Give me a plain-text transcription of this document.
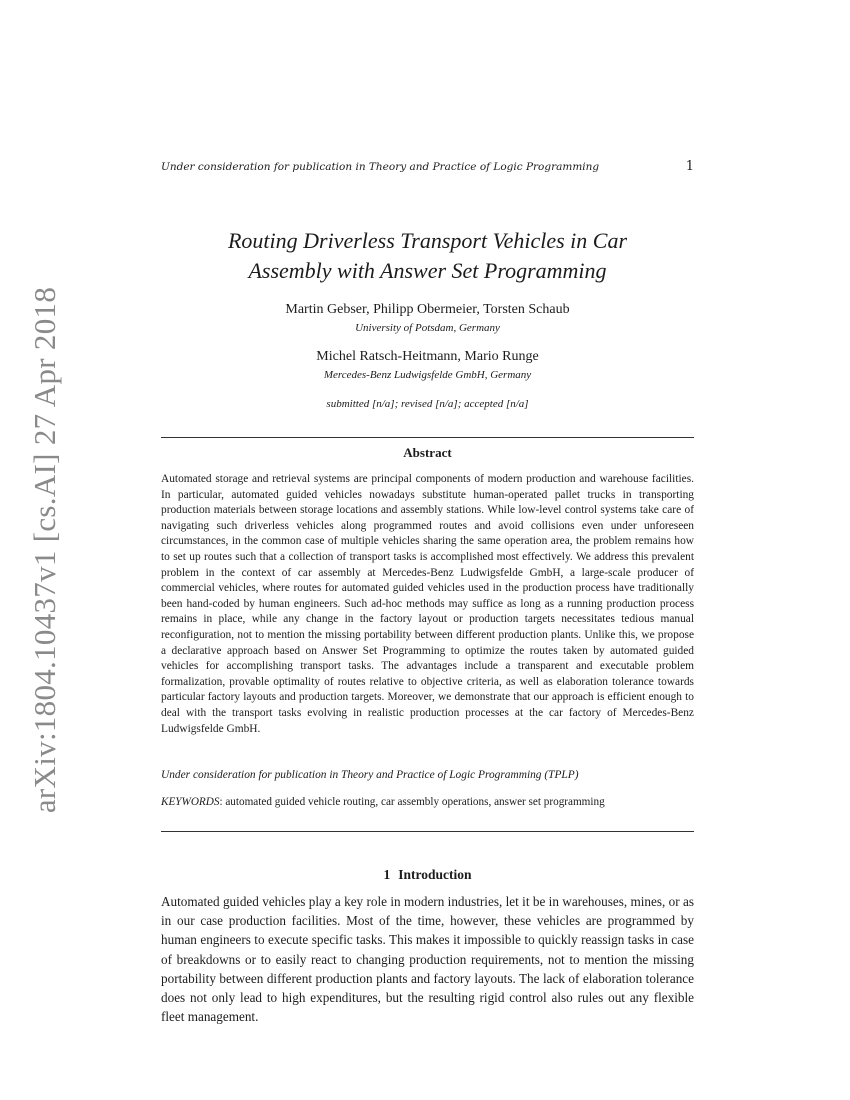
arXiv:1804.10437v1 [cs.AI] 27 Apr 2018
Under consideration for publication in Theory and Practice of Logic Programming	1
Routing Driverless Transport Vehicles in Car
Assembly with Answer Set Programming
Martin Gebser, Philipp Obermeier, Torsten Schaub
University of Potsdam, Germany
Michel Ratsch-Heitmann, Mario Runge
Mercedes-Benz Ludwigsfelde GmbH, Germany
submitted [n/a]; revised [n/a]; accepted [n/a]
Abstract
Automated storage and retrieval systems are principal components of modern production and warehouse facilities. In particular, automated guided vehicles nowadays substitute human-operated pallet trucks in transporting production materials between storage locations and assembly stations. While low-level control systems take care of navigating such driverless vehicles along programmed routes and avoid collisions even under unforeseen circumstances, in the common case of multiple vehicles sharing the same operation area, the problem remains how to set up routes such that a collection of transport tasks is accomplished most effectively. We address this prevalent problem in the context of car assembly at Mercedes-Benz Ludwigsfelde GmbH, a large-scale producer of commercial vehicles, where routes for automated guided vehicles used in the production process have traditionally been hand-coded by human engineers. Such ad-hoc methods may suffice as long as a running production process remains in place, while any change in the factory layout or production targets necessitates tedious manual reconfiguration, not to mention the missing portability between different production plants. Unlike this, we propose a declarative approach based on Answer Set Programming to optimize the routes taken by automated guided vehicles for accomplishing transport tasks. The advantages include a transparent and executable problem formalization, provable optimality of routes relative to objective criteria, as well as elaboration tolerance towards particular factory layouts and production targets. Moreover, we demonstrate that our approach is efficient enough to deal with the transport tasks evolving in realistic production processes at the car factory of Mercedes-Benz Ludwigsfelde GmbH.
Under consideration for publication in Theory and Practice of Logic Programming (TPLP)
KEYWORDS: automated guided vehicle routing, car assembly operations, answer set programming
1 Introduction
Automated guided vehicles play a key role in modern industries, let it be in warehouses, mines, or as in our case production facilities. Most of the time, however, these vehicles are programmed by human engineers to execute specific tasks. This makes it impossible to quickly reassign tasks in case of breakdowns or to easily react to changing production requirements, not to mention the missing portability between different production plants and factory layouts. The lack of elaboration tolerance does not only lead to high expenditures, but the resulting rigid control also rules out any flexible fleet management.
